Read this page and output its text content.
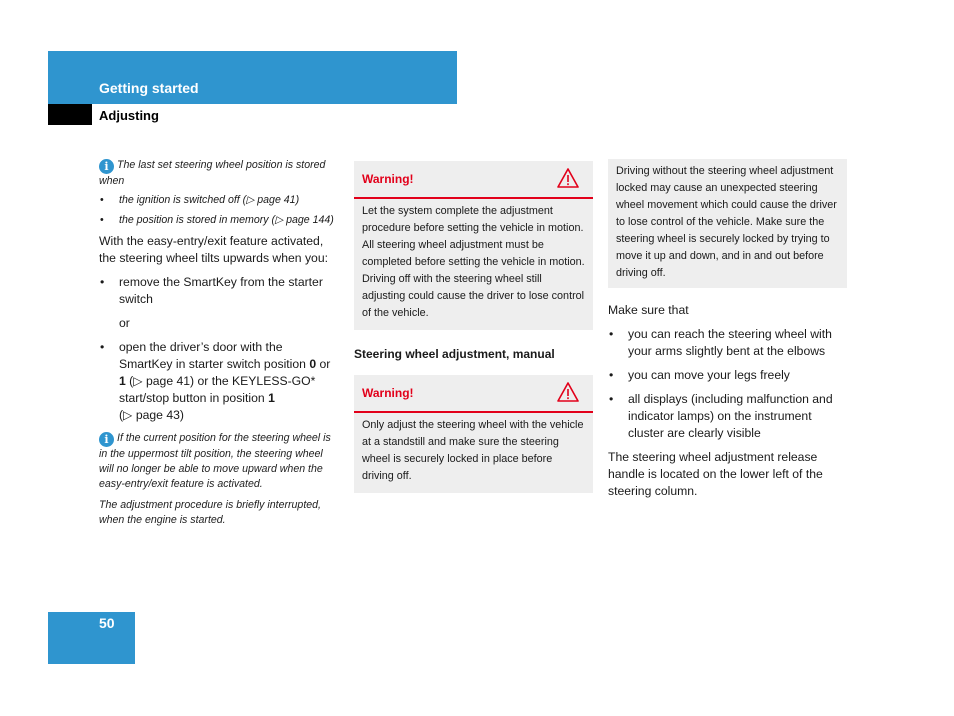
Getting started
Adjusting

i The last set steering wheel position is stored when

• the ignition is switched off (▷ page 41)
• the position is stored in memory (▷ page 144)

With the easy-entry/exit feature activated, the steering wheel tilts upwards when you:

• remove the SmartKey from the starter switch

or

• open the driver’s door with the SmartKey in starter switch position 0 or 1 (▷ page 41) or the KEYLESS-GO* start/stop button in position 1
(▷ page 43)

i If the current position for the steering wheel is in the uppermost tilt position, the steering wheel will no longer be able to move upward when the easy-entry/exit feature is activated.

The adjustment procedure is briefly interrupted, when the engine is started.

Warning!

Let the system complete the adjustment procedure before setting the vehicle in motion. All steering wheel adjustment must be completed before setting the vehicle in motion. Driving off with the steering wheel still adjusting could cause the driver to lose control of the vehicle.

Steering wheel adjustment, manual

Warning!

Only adjust the steering wheel with the vehicle at a standstill and make sure the steering wheel is securely locked in place before driving off.

Driving without the steering wheel adjustment locked may cause an unexpected steering wheel movement which could cause the driver to lose control of the vehicle. Make sure the steering wheel is securely locked by trying to move it up and down, and in and out before driving off.

Make sure that

• you can reach the steering wheel with your arms slightly bent at the elbows
• you can move your legs freely
• all displays (including malfunction and indicator lamps) on the instrument cluster are clearly visible

The steering wheel adjustment release handle is located on the lower left of the steering column.

50
